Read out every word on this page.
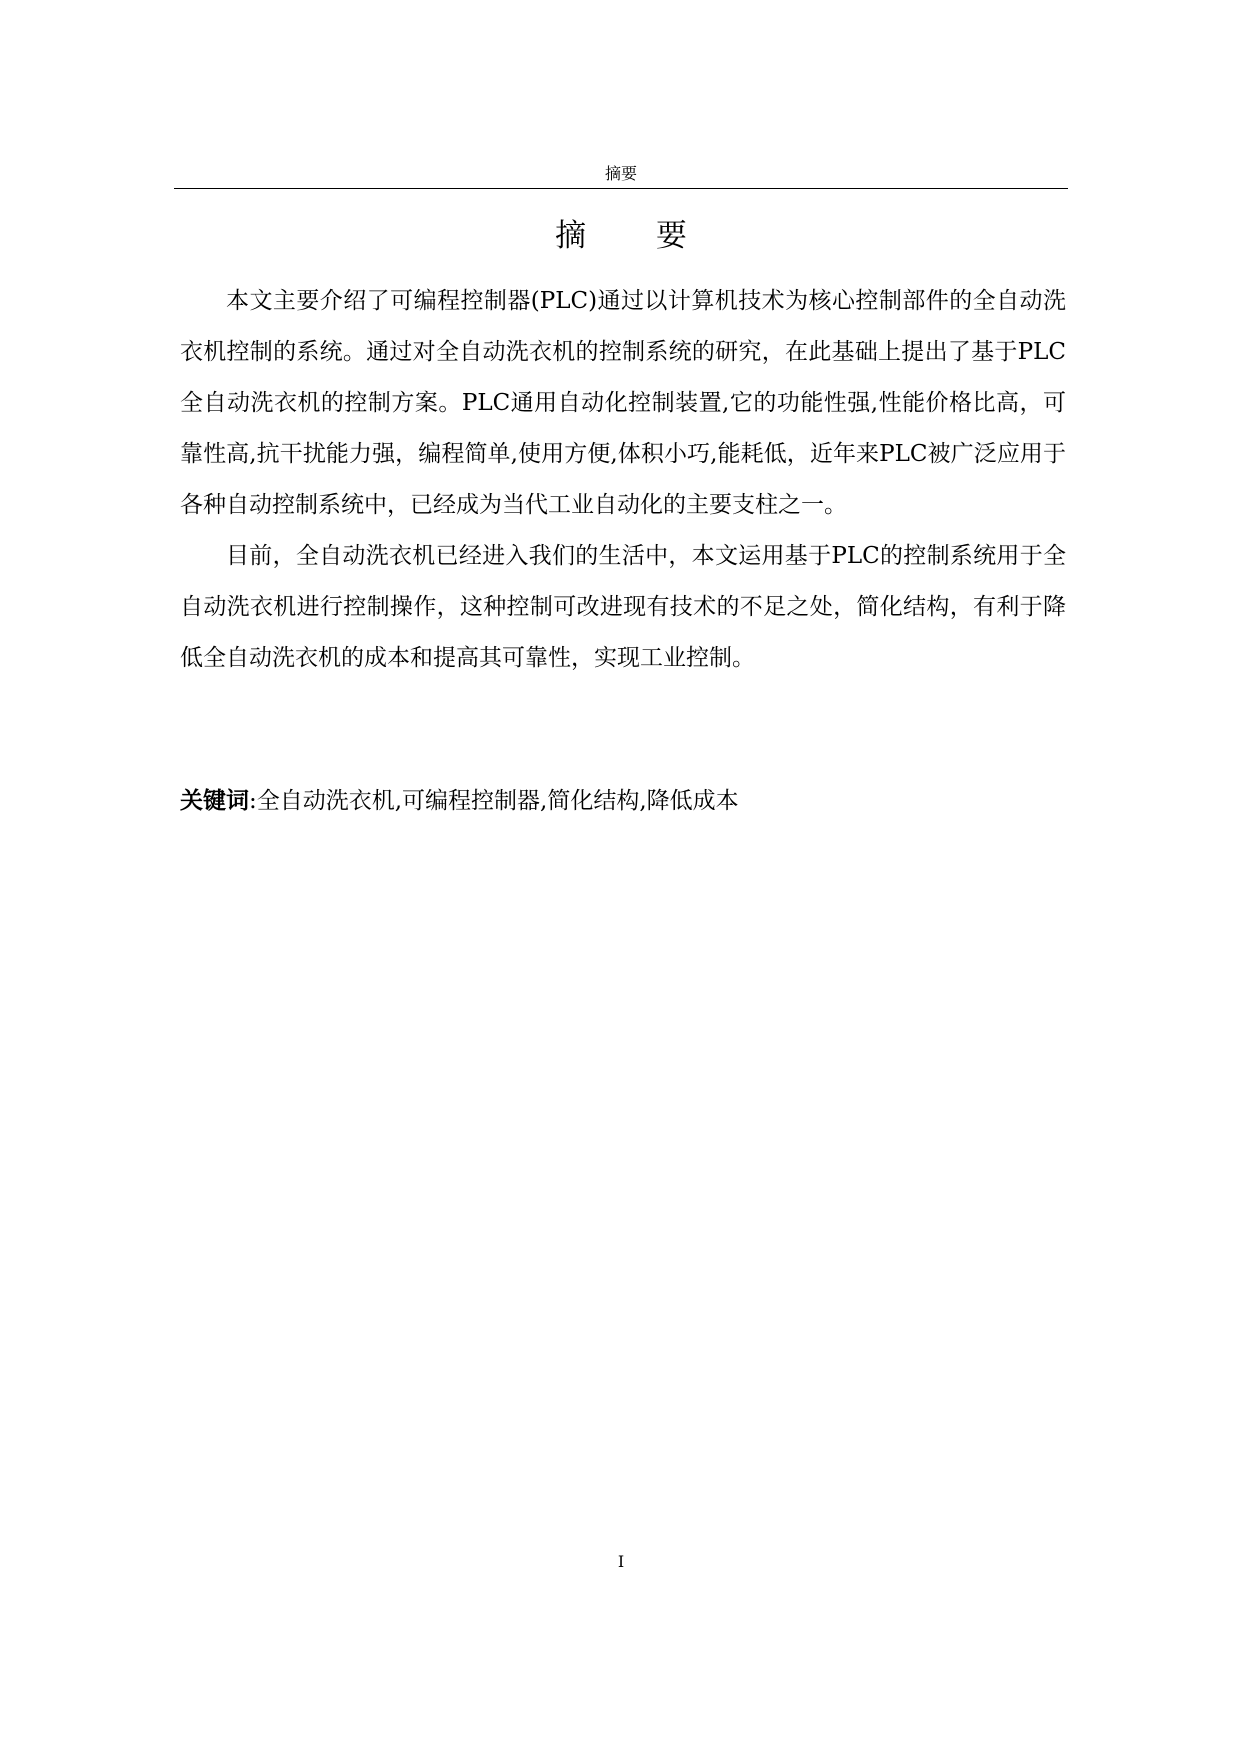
摘要
摘 要

本文主要介绍了可编程控制器(PLC)通过以计算机技术为核心控制部件的全自动洗衣机控制的系统。通过对全自动洗衣机的控制系统的研究，在此基础上提出了基于PLC全自动洗衣机的控制方案。PLC通用自动化控制装置,它的功能性强,性能价格比高，可靠性高,抗干扰能力强，编程简单,使用方便,体积小巧,能耗低，近年来PLC被广泛应用于各种自动控制系统中，已经成为当代工业自动化的主要支柱之一。

目前，全自动洗衣机已经进入我们的生活中，本文运用基于PLC的控制系统用于全自动洗衣机进行控制操作，这种控制可改进现有技术的不足之处，简化结构，有利于降低全自动洗衣机的成本和提高其可靠性，实现工业控制。

关键词:全自动洗衣机,可编程控制器,简化结构,降低成本
I
